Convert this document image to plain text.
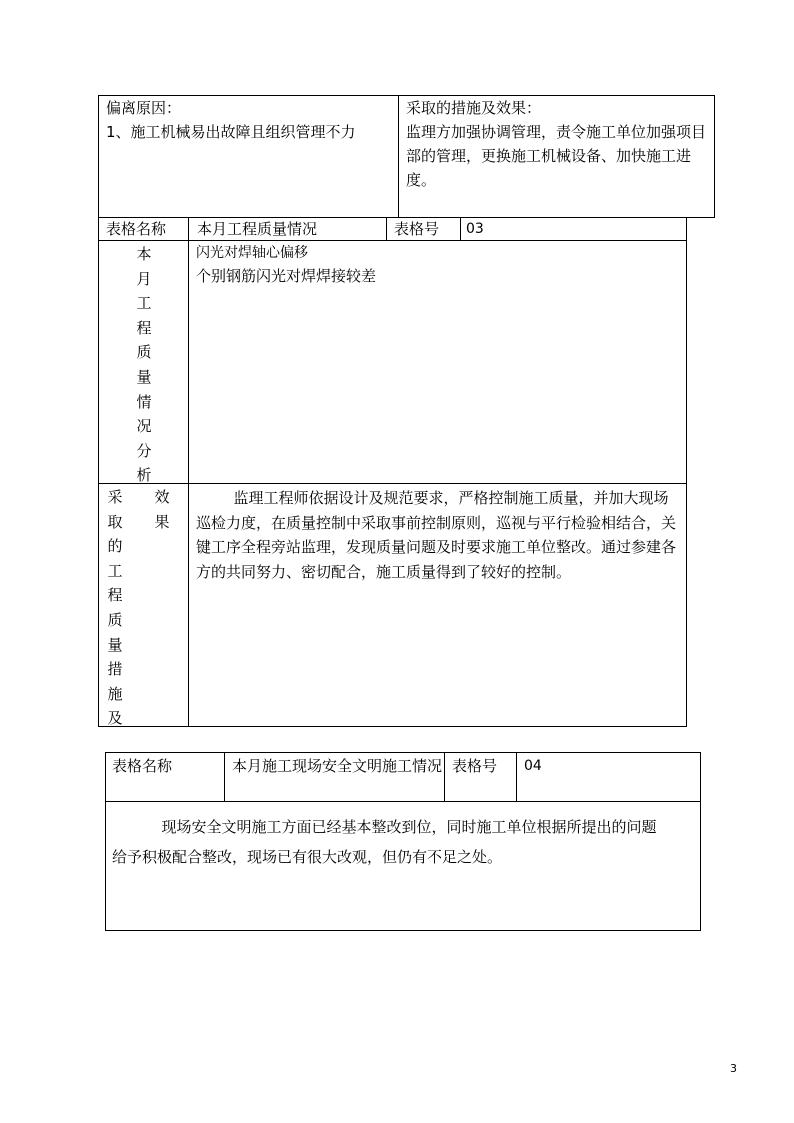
偏离原因：
1、施工机械易出故障且组织管理不力
采取的措施及效果：
监理方加强协调管理，责令施工单位加强项目部的管理，更换施工机械设备、加快施工进度。
表格名称 本月工程质量情况	表格号 03
本
月
工
程
质
量
情
况
分
析
闪光对焊轴心偏移
个别钢筋闪光对焊焊接较差
采
取
的
工
程
质
量
措
施
及
效
果
监理工程师依据设计及规范要求，严格控制施工质量，并加大现场巡检力度，在质量控制中采取事前控制原则，巡视与平行检验相结合，关键工序全程旁站监理，发现质量问题及时要求施工单位整改。通过参建各方的共同努力、密切配合，施工质量得到了较好的控制。
表格名称	本月施工现场安全文明施工情况 表格号 04
现场安全文明施工方面已经基本整改到位，同时施工单位根据所提出的问题给予积极配合整改，现场已有很大改观，但仍有不足之处。
3
